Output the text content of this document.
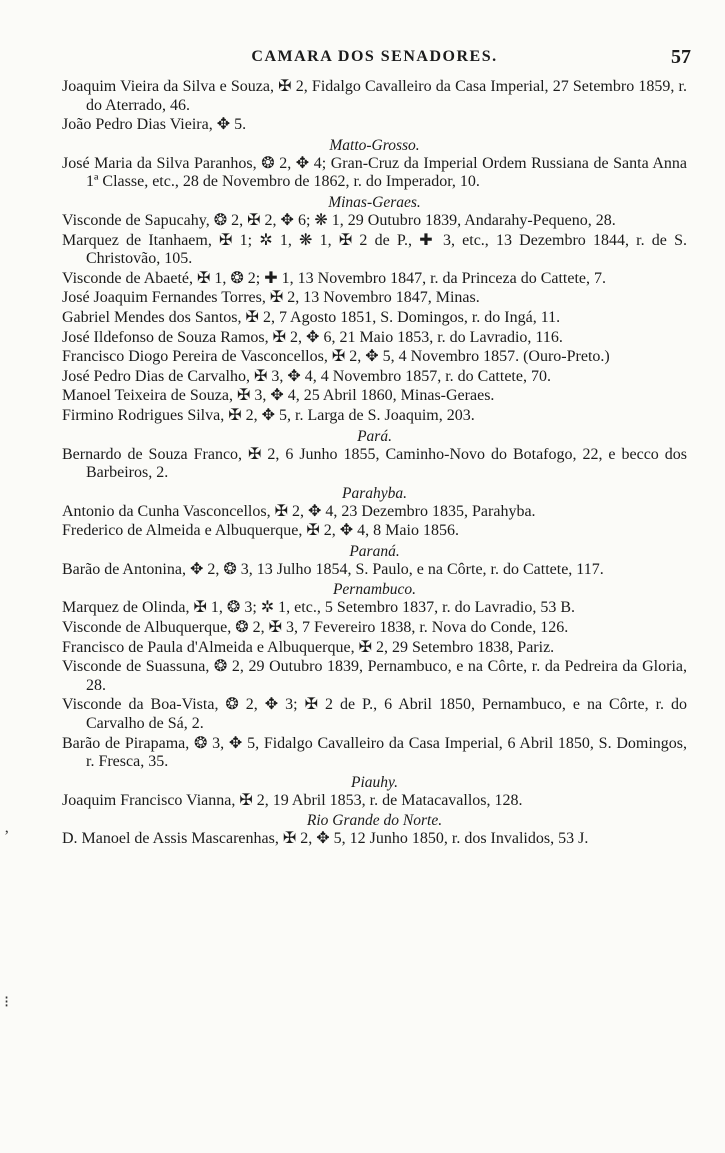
CAMARA DOS SENADORES.	57
Joaquim Vieira da Silva e Souza, ✠ 2, Fidalgo Cavalleiro da Casa Imperial, 27 Setembro 1859, r. do Aterrado, 46.
João Pedro Dias Vieira, ✥ 5.
Matto-Grosso.
José Maria da Silva Paranhos, ❂ 2, ✥ 4; Gran-Cruz da Imperial Ordem Russiana de Santa Anna 1ª Classe, etc., 28 de Novembro de 1862, r. do Imperador, 10.
Minas-Geraes.
Visconde de Sapucahy, ❂ 2, ✠ 2, ✥ 6; ❋ 1, 29 Outubro 1839, Andarahy-Pequeno, 28.
Marquez de Itanhaem, ✠ 1; ✲ 1, ❋ 1, ✠ 2 de P., ✚ 3, etc., 13 Dezembro 1844, r. de S. Christovão, 105.
Visconde de Abaeté, ✠ 1, ❂ 2; ✚ 1, 13 Novembro 1847, r. da Princeza do Cattete, 7.
José Joaquim Fernandes Torres, ✠ 2, 13 Novembro 1847, Minas.
Gabriel Mendes dos Santos, ✠ 2, 7 Agosto 1851, S. Domingos, r. do Ingá, 11.
José Ildefonso de Souza Ramos, ✠ 2, ✥ 6, 21 Maio 1853, r. do Lavradio, 116.
Francisco Diogo Pereira de Vasconcellos, ✠ 2, ✥ 5, 4 Novembro 1857. (Ouro-Preto.)
José Pedro Dias de Carvalho, ✠ 3, ✥ 4, 4 Novembro 1857, r. do Cattete, 70.
Manoel Teixeira de Souza, ✠ 3, ✥ 4, 25 Abril 1860, Minas-Geraes.
Firmino Rodrigues Silva, ✠ 2, ✥ 5, r. Larga de S. Joaquim, 203.
Pará.
Bernardo de Souza Franco, ✠ 2, 6 Junho 1855, Caminho-Novo do Botafogo, 22, e becco dos Barbeiros, 2.
Parahyba.
Antonio da Cunha Vasconcellos, ✠ 2, ✥ 4, 23 Dezembro 1835, Parahyba.
Frederico de Almeida e Albuquerque, ✠ 2, ✥ 4, 8 Maio 1856.
Paraná.
Barão de Antonina, ✥ 2, ❂ 3, 13 Julho 1854, S. Paulo, e na Côrte, r. do Cattete, 117.
Pernambuco.
Marquez de Olinda, ✠ 1, ❂ 3; ✲ 1, etc., 5 Setembro 1837, r. do Lavradio, 53 B.
Visconde de Albuquerque, ❂ 2, ✠ 3, 7 Fevereiro 1838, r. Nova do Conde, 126.
Francisco de Paula d'Almeida e Albuquerque, ✠ 2, 29 Setembro 1838, Pariz.
Visconde de Suassuna, ❂ 2, 29 Outubro 1839, Pernambuco, e na Côrte, r. da Pedreira da Gloria, 28.
Visconde da Boa-Vista, ❂ 2, ✥ 3; ✠ 2 de P., 6 Abril 1850, Pernambuco, e na Côrte, r. do Carvalho de Sá, 2.
Barão de Pirapama, ❂ 3, ✥ 5, Fidalgo Cavalleiro da Casa Imperial, 6 Abril 1850, S. Domingos, r. Fresca, 35.
Piauhy.
Joaquim Francisco Vianna, ✠ 2, 19 Abril 1853, r. de Matacavallos, 128.
Rio Grande do Norte.
D. Manoel de Assis Mascarenhas, ✠ 2, ✥ 5, 12 Junho 1850, r. dos Invalidos, 53 J.
’
⁝
